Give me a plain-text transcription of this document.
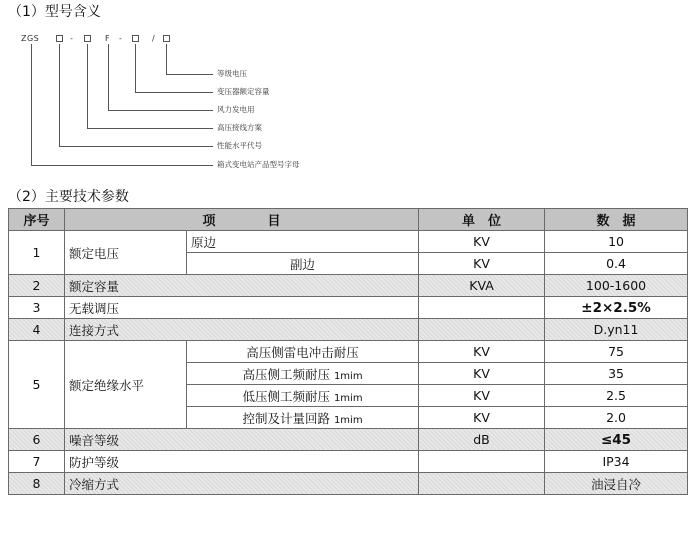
（1）型号含义
ZGS	-	F -	/
等级电压
变压器额定容量
风力发电用
高压接线方案
性能水平代号
箱式变电站产品型号字母
（2）主要技术参数
序号	项　　　　目		单　位	数　据
1	额定电压	原边	KV	10
		副边	KV	0.4
2	额定容量		KVA	100-1600
3	无载调压			±2×2.5%
4	连接方式			D.yn11
5	额定绝缘水平	高压侧雷电冲击耐压	KV	75
		高压侧工频耐压 1mim	KV	35
		低压侧工频耐压 1mim	KV	2.5
		控制及计量回路 1mim	KV	2.0
6	噪音等级		dB	≤45
7	防护等级			IP34
8	冷缩方式			油浸自冷
